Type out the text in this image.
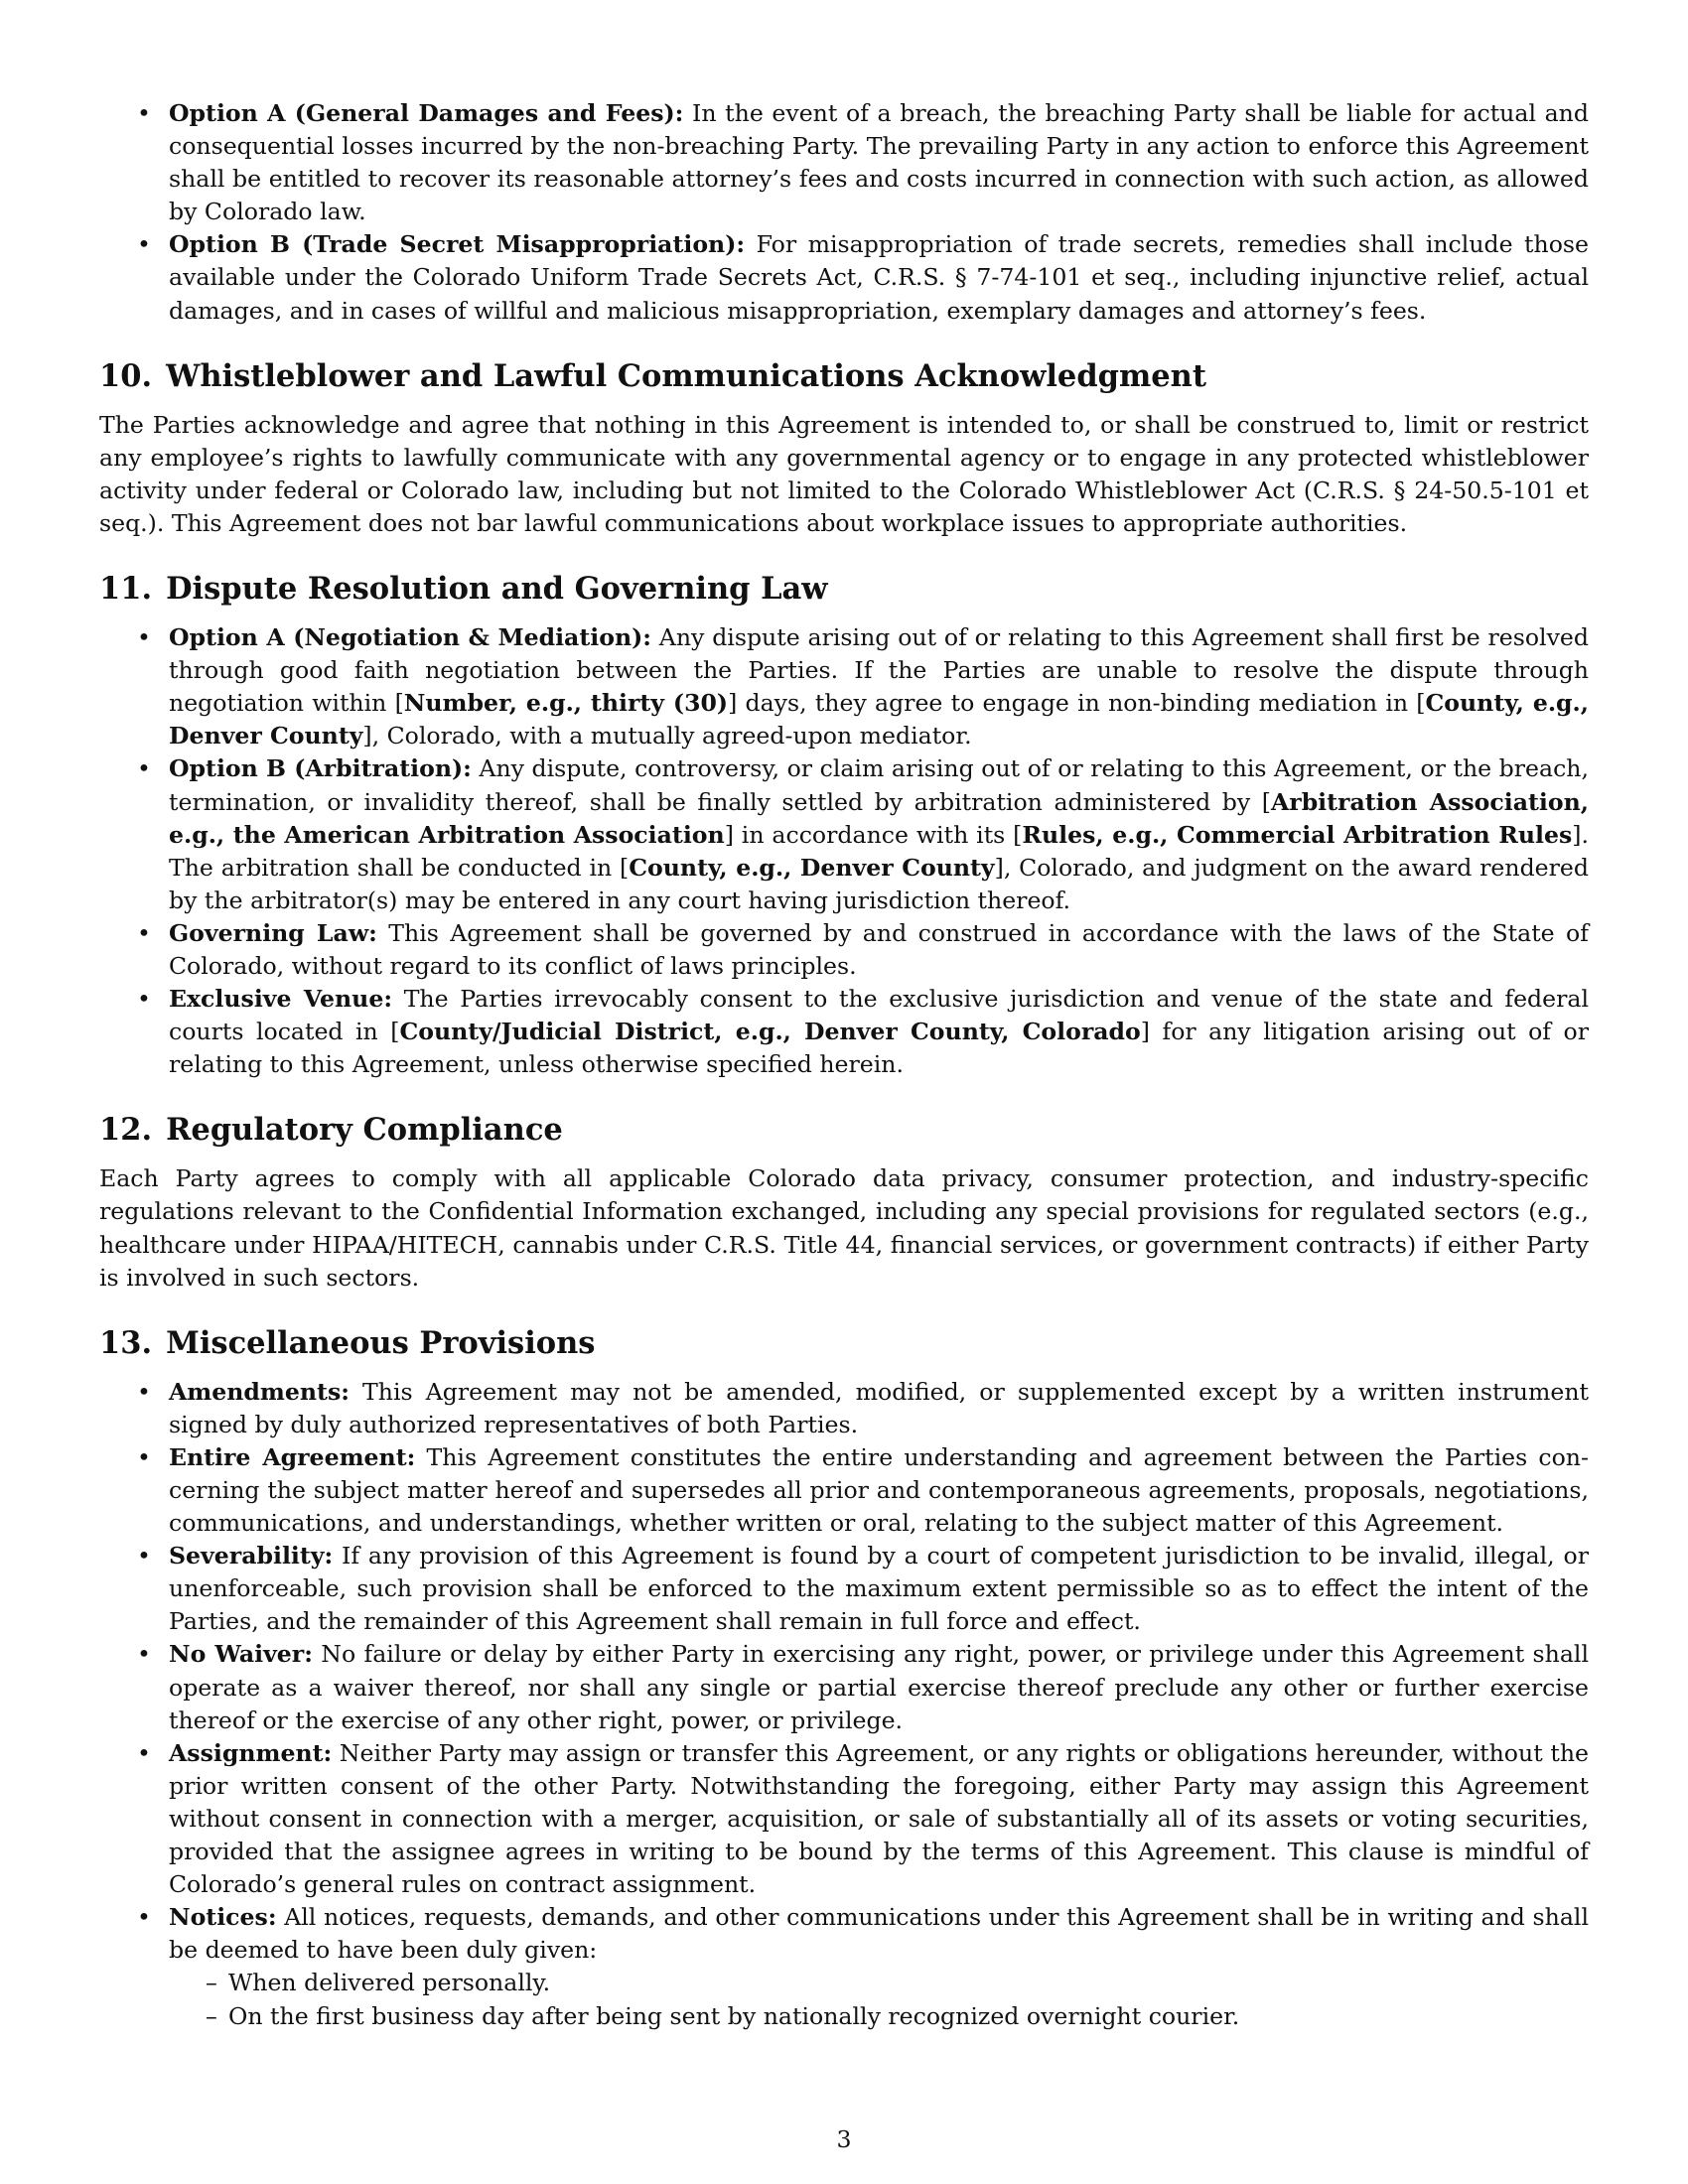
• Option A (General Damages and Fees): In the event of a breach, the breaching Party shall be liable for actual and consequential losses incurred by the non-breaching Party. The prevailing Party in any action to enforce this Agreement shall be entitled to recover its reasonable attorney’s fees and costs incurred in connection with such action, as allowed by Colorado law.
• Option B (Trade Secret Misappropriation): For misappropriation of trade secrets, remedies shall include those available under the Colorado Uniform Trade Secrets Act, C.R.S. § 7-74-101 et seq., including injunctive relief, actual damages, and in cases of willful and malicious misappropriation, exemplary damages and attorney’s fees.
10. Whistleblower and Lawful Communications Acknowledgment

The Parties acknowledge and agree that nothing in this Agreement is intended to, or shall be construed to, limit or restrict any employee’s rights to lawfully communicate with any governmental agency or to engage in any protected whistleblower activity under federal or Colorado law, including but not limited to the Colorado Whistleblower Act (C.R.S. § 24-50.5-101 et seq.). This Agreement does not bar lawful communications about workplace issues to appropriate authorities.

11. Dispute Resolution and Governing Law
• Option A (Negotiation & Mediation): Any dispute arising out of or relating to this Agreement shall first be resolved through good faith negotiation between the Parties. If the Parties are unable to resolve the dispute through negotiation within [Number, e.g., thirty (30)] days, they agree to engage in non-binding mediation in [County, e.g., Denver County], Colorado, with a mutually agreed-upon mediator.
• Option B (Arbitration): Any dispute, controversy, or claim arising out of or relating to this Agreement, or the breach, termination, or invalidity thereof, shall be finally settled by arbitration administered by [Arbitration Association, e.g., the American Arbitration Association] in accordance with its [Rules, e.g., Commercial Arbitration Rules]. The arbitration shall be conducted in [County, e.g., Denver County], Colorado, and judgment on the award rendered by the arbitrator(s) may be entered in any court having jurisdiction thereof.
• Governing Law: This Agreement shall be governed by and construed in accordance with the laws of the State of Colorado, without regard to its conflict of laws principles.
• Exclusive Venue: The Parties irrevocably consent to the exclusive jurisdiction and venue of the state and federal courts located in [County/Judicial District, e.g., Denver County, Colorado] for any litigation arising out of or relating to this Agreement, unless otherwise specified herein.
12. Regulatory Compliance

Each Party agrees to comply with all applicable Colorado data privacy, consumer protection, and industry-specific regulations relevant to the Confidential Information exchanged, including any special provisions for regulated sectors (e.g., healthcare under HIPAA/HITECH, cannabis under C.R.S. Title 44, financial services, or government contracts) if either Party is involved in such sectors.

13. Miscellaneous Provisions
• Amendments: This Agreement may not be amended, modified, or supplemented except by a written instrument signed by duly authorized representatives of both Parties.
• Entire Agreement: This Agreement constitutes the entire understanding and agreement between the Parties concerning the subject matter hereof and supersedes all prior and contemporaneous agreements, proposals, negotiations, communications, and understandings, whether written or oral, relating to the subject matter of this Agreement.
• Severability: If any provision of this Agreement is found by a court of competent jurisdiction to be invalid, illegal, or unenforceable, such provision shall be enforced to the maximum extent permissible so as to effect the intent of the Parties, and the remainder of this Agreement shall remain in full force and effect.
• No Waiver: No failure or delay by either Party in exercising any right, power, or privilege under this Agreement shall operate as a waiver thereof, nor shall any single or partial exercise thereof preclude any other or further exercise thereof or the exercise of any other right, power, or privilege.
• Assignment: Neither Party may assign or transfer this Agreement, or any rights or obligations hereunder, without the prior written consent of the other Party. Notwithstanding the foregoing, either Party may assign this Agreement without consent in connection with a merger, acquisition, or sale of substantially all of its assets or voting securities, provided that the assignee agrees in writing to be bound by the terms of this Agreement. This clause is mindful of Colorado’s general rules on contract assignment.
• Notices: All notices, requests, demands, and other communications under this Agreement shall be in writing and shall be deemed to have been duly given:
– When delivered personally.
– On the first business day after being sent by nationally recognized overnight courier.
3
